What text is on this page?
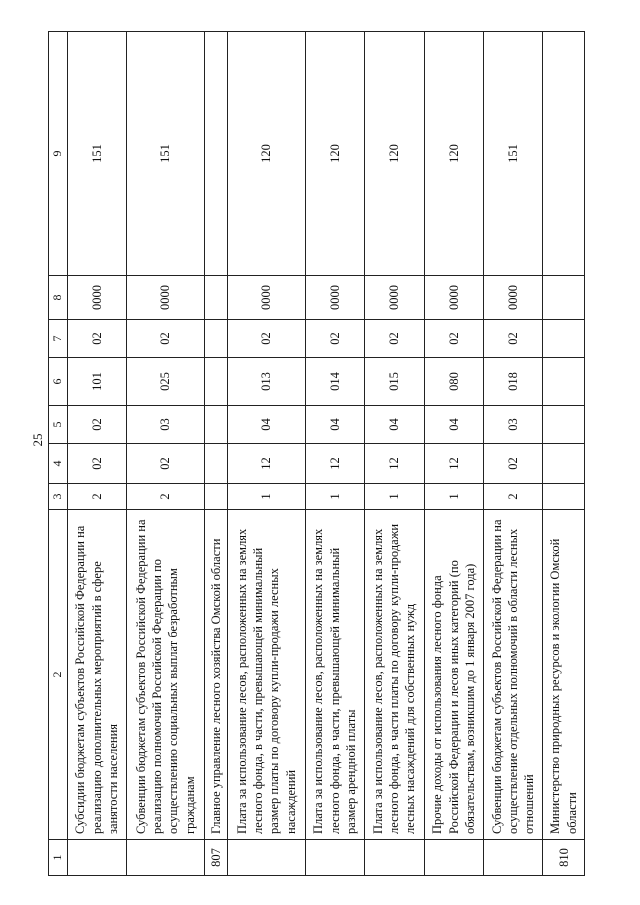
25
1	2	3	4	5	6	7	8	9
	Субсидии бюджетам субъектов Российской Федерации на реализацию дополнительных мероприятий в сфере занятости населения	2	02	02	101	02	0000	151
	Субвенции бюджетам субъектов Российской Федерации на реализацию полномочий Российской Федерации по осуществлению социальных выплат безработным гражданам	2	02	03	025	02	0000	151
807	Главное управление лесного хозяйства Омской области							
	Плата за использование лесов, расположенных на землях лесного фонда, в части, превышающей минимальный размер платы по договору купли-продажи лесных насаждений	1	12	04	013	02	0000	120
	Плата за использование лесов, расположенных на землях лесного фонда, в части, превышающей минимальный размер арендной платы	1	12	04	014	02	0000	120
	Плата за использование лесов, расположенных на землях лесного фонда, в части платы по договору купли-продажи лесных насаждений для собственных нужд	1	12	04	015	02	0000	120
	Прочие доходы от использования лесного фонда Российской Федерации и лесов иных категорий (по обязательствам, возникшим до 1 января 2007 года)	1	12	04	080	02	0000	120
	Субвенции бюджетам субъектов Российской Федерации на осуществление отдельных полномочий в области лесных отношений	2	02	03	018	02	0000	151
810	Министерство природных ресурсов и экологии Омской области							
